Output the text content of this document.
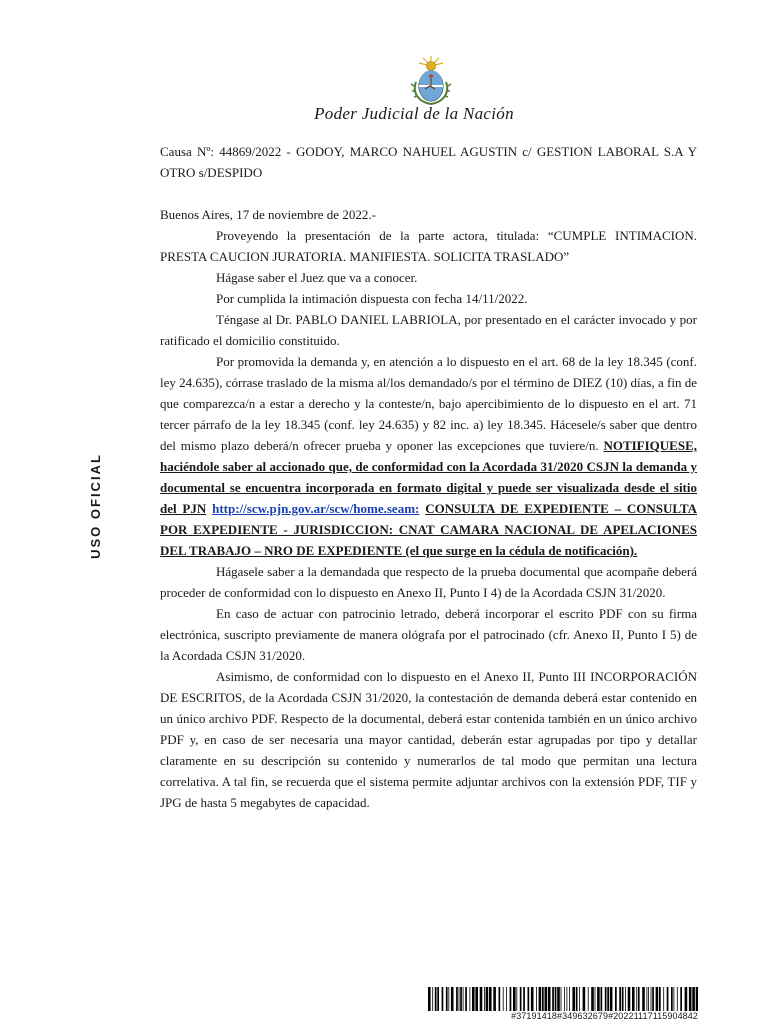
Poder Judicial de la Nación
USO OFICIAL

Causa Nº: 44869/2022 - GODOY, MARCO NAHUEL AGUSTIN c/ GESTION LABORAL S.A Y OTRO s/DESPIDO

Buenos Aires, 17 de noviembre de 2022.-

Proveyendo la presentación de la parte actora, titulada: “CUMPLE INTIMACION. PRESTA CAUCION JURATORIA. MANIFIESTA. SOLICITA TRASLADO”

Hágase saber el Juez que va a conocer.

Por cumplida la intimación dispuesta con fecha 14/11/2022.

Téngase al Dr. PABLO DANIEL LABRIOLA, por presentado en el carácter invocado y por ratificado el domicilio constituido.

Por promovida la demanda y, en atención a lo dispuesto en el art. 68 de la ley 18.345 (conf. ley 24.635), córrase traslado de la misma al/los demandado/s por el término de DIEZ (10) días, a fin de que comparezca/n a estar a derecho y la conteste/n, bajo apercibimiento de lo dispuesto en el art. 71 tercer párrafo de la ley 18.345 (conf. ley 24.635) y 82 inc. a) ley 18.345. Hácesele/s saber que dentro del mismo plazo deberá/n ofrecer prueba y oponer las excepciones que tuviere/n. NOTIFIQUESE, haciéndole saber al accionado que, de conformidad con la Acordada 31/2020 CSJN la demanda y documental se encuentra incorporada en formato digital y puede ser visualizada desde el sitio del PJN http://scw.pjn.gov.ar/scw/home.seam: CONSULTA DE EXPEDIENTE – CONSULTA POR EXPEDIENTE - JURISDICCION: CNAT CAMARA NACIONAL DE APELACIONES DEL TRABAJO – NRO DE EXPEDIENTE (el que surge en la cédula de notificación).

Hágasele saber a la demandada que respecto de la prueba documental que acompañe deberá proceder de conformidad con lo dispuesto en Anexo II, Punto I 4) de la Acordada CSJN 31/2020.

En caso de actuar con patrocinio letrado, deberá incorporar el escrito PDF con su firma electrónica, suscripto previamente de manera ológrafa por el patrocinado (cfr. Anexo II, Punto I 5) de la Acordada CSJN 31/2020.

Asimismo, de conformidad con lo dispuesto en el Anexo II, Punto III INCORPORACIÓN DE ESCRITOS, de la Acordada CSJN 31/2020, la contestación de demanda deberá estar contenido en un único archivo PDF. Respecto de la documental, deberá estar contenida también en un único archivo PDF y, en caso de ser necesaria una mayor cantidad, deberán estar agrupadas por tipo y detallar claramente en su descripción su contenido y numerarlos de tal modo que permitan una lectura correlativa. A tal fin, se recuerda que el sistema permite adjuntar archivos con la extensión PDF, TIF y JPG de hasta 5 megabytes de capacidad.

#37191418#349632679#20221117115904842
